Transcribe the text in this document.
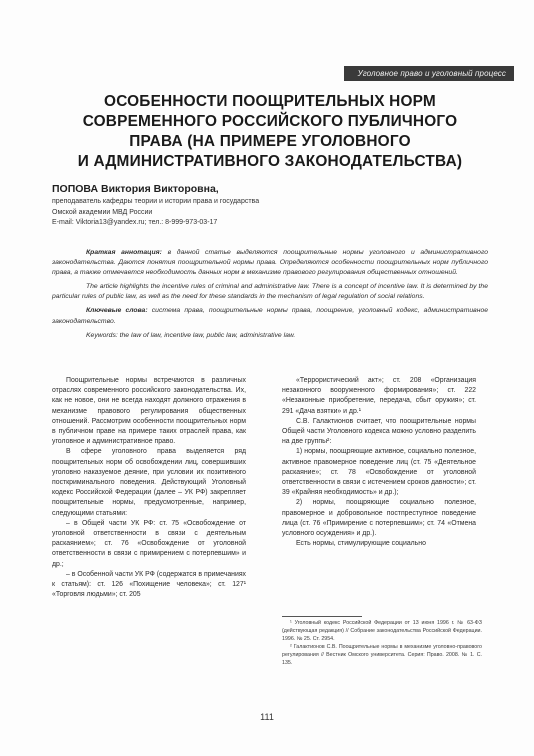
Уголовное право и уголовный процесс
ОСОБЕННОСТИ ПООЩРИТЕЛЬНЫХ НОРМ
СОВРЕМЕННОГО РОССИЙСКОГО ПУБЛИЧНОГО
ПРАВА (НА ПРИМЕРЕ УГОЛОВНОГО
И АДМИНИСТРАТИВНОГО ЗАКОНОДАТЕЛЬСТВА)
ПОПОВА Виктория Викторовна,
преподаватель кафедры теории и истории права и государства
Омской академии МВД России
E-mail: Viktoria13@yandex.ru; тел.: 8-999-973-03-17

Краткая аннотация: в данной статье выделяются поощрительные нормы уголовного и административного законодательства. Даются понятия поощрительной нормы права. Определяются особенности поощрительных норм публичного права, а также отмечается необходимость данных норм в механизме правового регулирования общественных отношений.

The article highlights the incentive rules of criminal and administrative law. There is a concept of incentive law. It is determined by the particular rules of public law, as well as the need for these standards in the mechanism of legal regulation of social relations.

Ключевые слова: система права, поощрительные нормы права, поощрение, уголовный кодекс, административное законодательство.

Keywords: the law of law, incentive law, public law, administrative law.

Поощрительные нормы встречаются в различных отраслях современного российского законодательства. Их, как не новое, они не всегда находят должного отражения в механизме правового регулирования общественных отношений. Рассмотрим особенности поощрительных норм в публичном праве на примере таких отраслей права, как уголовное и административное право.

В сфере уголовного права выделяется ряд поощрительных норм об освобождении лиц, совершивших уголовно наказуемое деяние, при условии их позитивного посткриминального поведения. Действующий Уголовный кодекс Российской Федерации (далее – УК РФ) закрепляет поощрительные нормы, предусмотренные, например, следующими статьями:

– в Общей части УК РФ: ст. 75 «Освобождение от уголовной ответственности в связи с деятельным раскаянием»; ст. 76 «Освобождение от уголовной ответственности в связи с примирением с потерпевшим» и др.;

– в Особенной части УК РФ (содержатся в примечаниях к статьям): ст. 126 «Похищение человека»; ст. 127¹ «Торговля людьми»; ст. 205

«Террористический акт»; ст. 208 «Организация незаконного вооруженного формирования»; ст. 222 «Незаконные приобретение, передача, сбыт оружия»; ст. 291 «Дача взятки» и др.¹

С.В. Галактионов считает, что поощрительные нормы Общей части Уголовного кодекса можно условно разделить на две группы²:

1) нормы, поощряющие активное, социально полезное, активное правомерное поведение лиц (ст. 75 «Деятельное раскаяние»; ст. 78 «Освобождение от уголовной ответственности в связи с истечением сроков давности»; ст. 39 «Крайняя необходимость» и др.);

2) нормы, поощряющие социально полезное, правомерное и добровольное постпреступное поведение лица (ст. 76 «Примирение с потерпевшим»; ст. 74 «Отмена условного осуждения» и др.).

Есть нормы, стимулирующие социально

¹ Уголовный кодекс Российской Федерации от 13 июня 1996 г. № 63-ФЗ (действующая редакция) // Собрание законодательства Российской Федерации. 1996. № 25. Ст. 2954.

² Галактионов С.В. Поощрительные нормы в механизме уголовно-правового регулирования // Вестник Омского университета. Серия: Право. 2008. № 1. С. 135.

111
